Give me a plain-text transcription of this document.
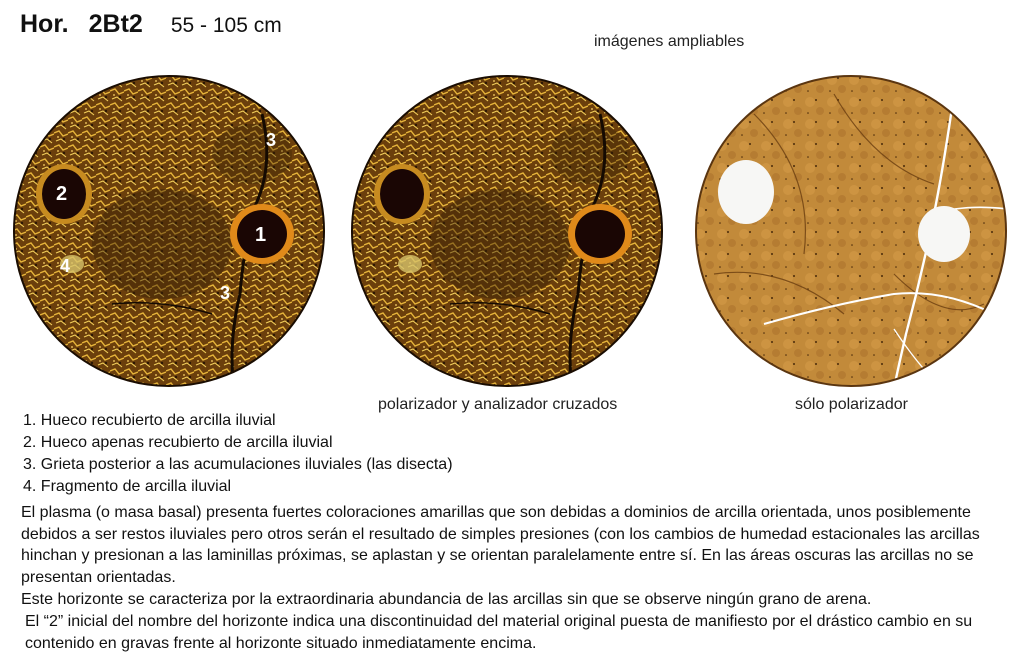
Hor. 2Bt2 55 - 105 cm
imágenes ampliables
2
1
3
3
4
polarizador y analizador cruzados	sólo polarizador
1. Hueco recubierto de arcilla iluvial
2. Hueco apenas recubierto de arcilla iluvial
3. Grieta posterior a las acumulaciones iluviales (las disecta)
4. Fragmento de arcilla iluvial

El plasma (o masa basal) presenta fuertes coloraciones amarillas que son debidas a dominios de arcilla orientada, unos posiblemente debidos a ser restos iluviales pero otros serán el resultado de simples presiones (con los cambios de humedad estacionales las arcillas hinchan y presionan a las laminillas próximas, se aplastan y se orientan paralelamente entre sí. En las áreas oscuras las arcillas no se presentan orientadas.

Este horizonte se caracteriza por la extraordinaria abundancia de las arcillas sin que se observe ningún grano de arena.

El “2” inicial del nombre del horizonte indica una discontinuidad del material original puesta de manifiesto por el drástico cambio en su contenido en gravas frente al horizonte situado inmediatamente encima.
